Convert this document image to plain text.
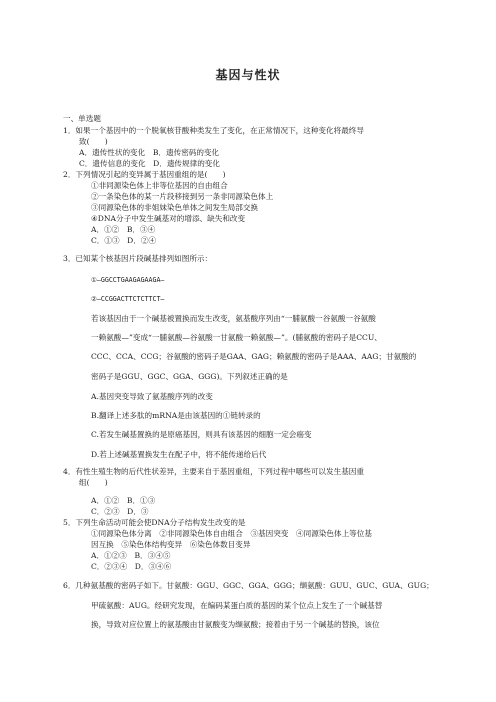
基因与性状
一、单选题
1．如果一个基因中的一个脱氧核苷酸种类发生了变化，在正常情况下，这种变化将最终导
致(　　)
A．遗传性状的变化　B．遗传密码的变化
C．遗传信息的变化　D．遗传规律的变化
2．下列情况引起的变异属于基因重组的是(　　)
①非同源染色体上非等位基因的自由组合
②一条染色体的某一片段移接到另一条非同源染色体上
③同源染色体的非姐妹染色单体之间发生局部交换
④DNA分子中发生碱基对的增添、缺失和改变
A．①②　B．③④
C．①③　D．②④
3．已知某个核基因片段碱基排列如图所示：
①—GGCCTGAAGAGAAGA—
②—CCGGACTTCTCTTCT—
若该基因由于一个碱基被置换而发生改变，氨基酸序列由“一脯氨酸一谷氨酸一谷氨酸
一赖氨酸—”变成“一脯氨酸—谷氨酸一甘氨酸一赖氨酸—”。(脯氨酸的密码子是CCU、
CCC、CCA、CCG；谷氨酸的密码子是GAA、GAG；赖氨酸的密码子是AAA、AAG；甘氨酸的
密码子是GGU、GGC、GGA、GGG)。下列叙述正确的是
A.基因突变导致了氨基酸序列的改变
B.翻译上述多肽的mRNA是由该基因的①链转录的
C.若发生碱基置换的是原癌基因，则具有该基因的细胞一定会癌变
D.若上述碱基置换发生在配子中，将不能传递给后代
4．有性生殖生物的后代性状差异，主要来自于基因重组，下列过程中哪些可以发生基因重
组(　　)
A．①②　B．①③
C．②③　D．③
5．下列生命活动可能会使DNA分子结构发生改变的是
①同源染色体分离　②非同源染色体自由组合　③基因突变　④同源染色体上等位基
因互换　⑤染色体结构变异　⑥染色体数目变异
A．①②③　B．③④⑤
C．②③④　D．③④⑥
6．几种氨基酸的密码子如下。甘氨酸：GGU、GGC、GGA、GGG；缬氨酸：GUU、GUC、GUA、GUG；
甲硫氨酸：AUG。经研究发现，在编码某蛋白质的基因的某个位点上发生了一个碱基替
换，导致对应位置上的氨基酸由甘氨酸变为缬氨酸；接着由于另一个碱基的替换，该位
